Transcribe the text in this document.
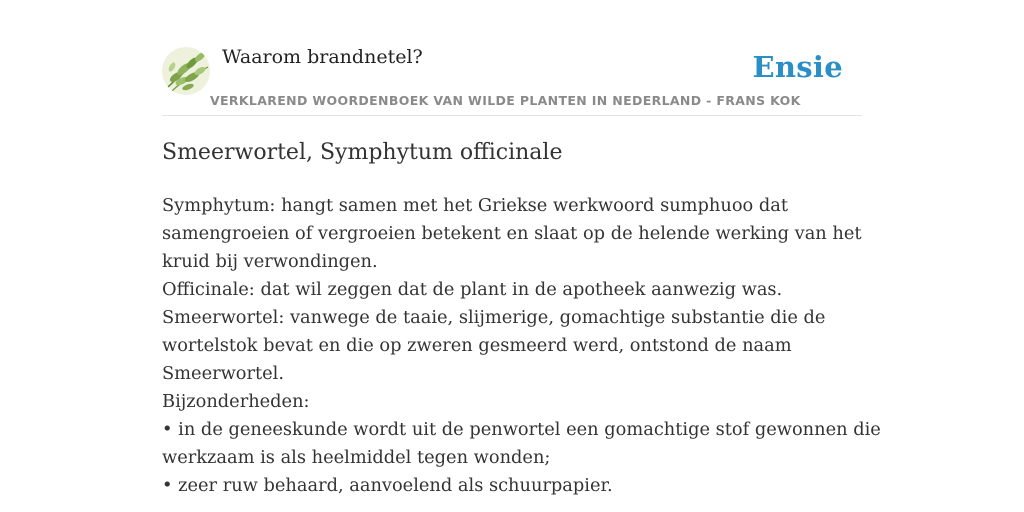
Waarom brandnetel?
VERKLAREND WOORDENBOEK VAN WILDE PLANTEN IN NEDERLAND - FRANS KOK
Ensie
Smeerwortel, Symphytum officinale
Symphytum: hangt samen met het Griekse werkwoord sumphuoo dat
samengroeien of vergroeien betekent en slaat op de helende werking van het
kruid bij verwondingen.
Officinale: dat wil zeggen dat de plant in de apotheek aanwezig was.
Smeerwortel: vanwege de taaie, slijmerige, gomachtige substantie die de
wortelstok bevat en die op zweren gesmeerd werd, ontstond de naam
Smeerwortel.
Bijzonderheden:
• in de geneeskunde wordt uit de penwortel een gomachtige stof gewonnen die
werkzaam is als heelmiddel tegen wonden;
• zeer ruw behaard, aanvoelend als schuurpapier.
